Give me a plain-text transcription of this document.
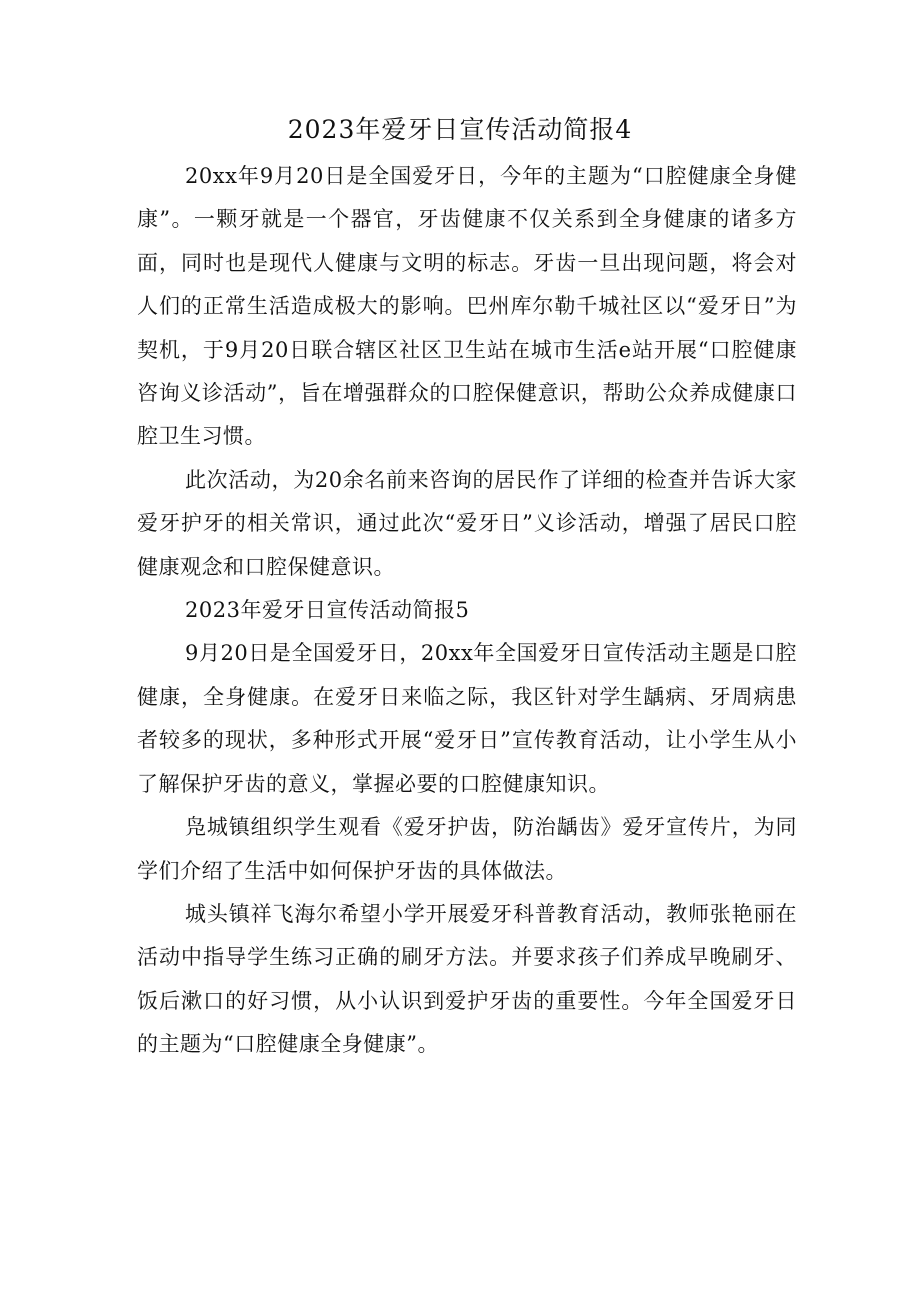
2023年爱牙日宣传活动简报4

20xx年9月20日是全国爱牙日，今年的主题为“口腔健康全身健康”。一颗牙就是一个器官，牙齿健康不仅关系到全身健康的诸多方面，同时也是现代人健康与文明的标志。牙齿一旦出现问题，将会对人们的正常生活造成极大的影响。巴州库尔勒千城社区以“爱牙日”为契机，于9月20日联合辖区社区卫生站在城市生活e站开展“口腔健康咨询义诊活动”，旨在增强群众的口腔保健意识，帮助公众养成健康口腔卫生习惯。

此次活动，为20余名前来咨询的居民作了详细的检查并告诉大家爱牙护牙的相关常识，通过此次“爱牙日”义诊活动，增强了居民口腔健康观念和口腔保健意识。

2023年爱牙日宣传活动简报5

9月20日是全国爱牙日，20xx年全国爱牙日宣传活动主题是口腔健康，全身健康。在爱牙日来临之际，我区针对学生龋病、牙周病患者较多的现状，多种形式开展“爱牙日”宣传教育活动，让小学生从小了解保护牙齿的意义，掌握必要的口腔健康知识。

凫城镇组织学生观看《爱牙护齿，防治龋齿》爱牙宣传片，为同学们介绍了生活中如何保护牙齿的具体做法。

城头镇祥飞海尔希望小学开展爱牙科普教育活动，教师张艳丽在活动中指导学生练习正确的刷牙方法。并要求孩子们养成早晚刷牙、饭后漱口的好习惯，从小认识到爱护牙齿的重要性。今年全国爱牙日的主题为“口腔健康全身健康”。
